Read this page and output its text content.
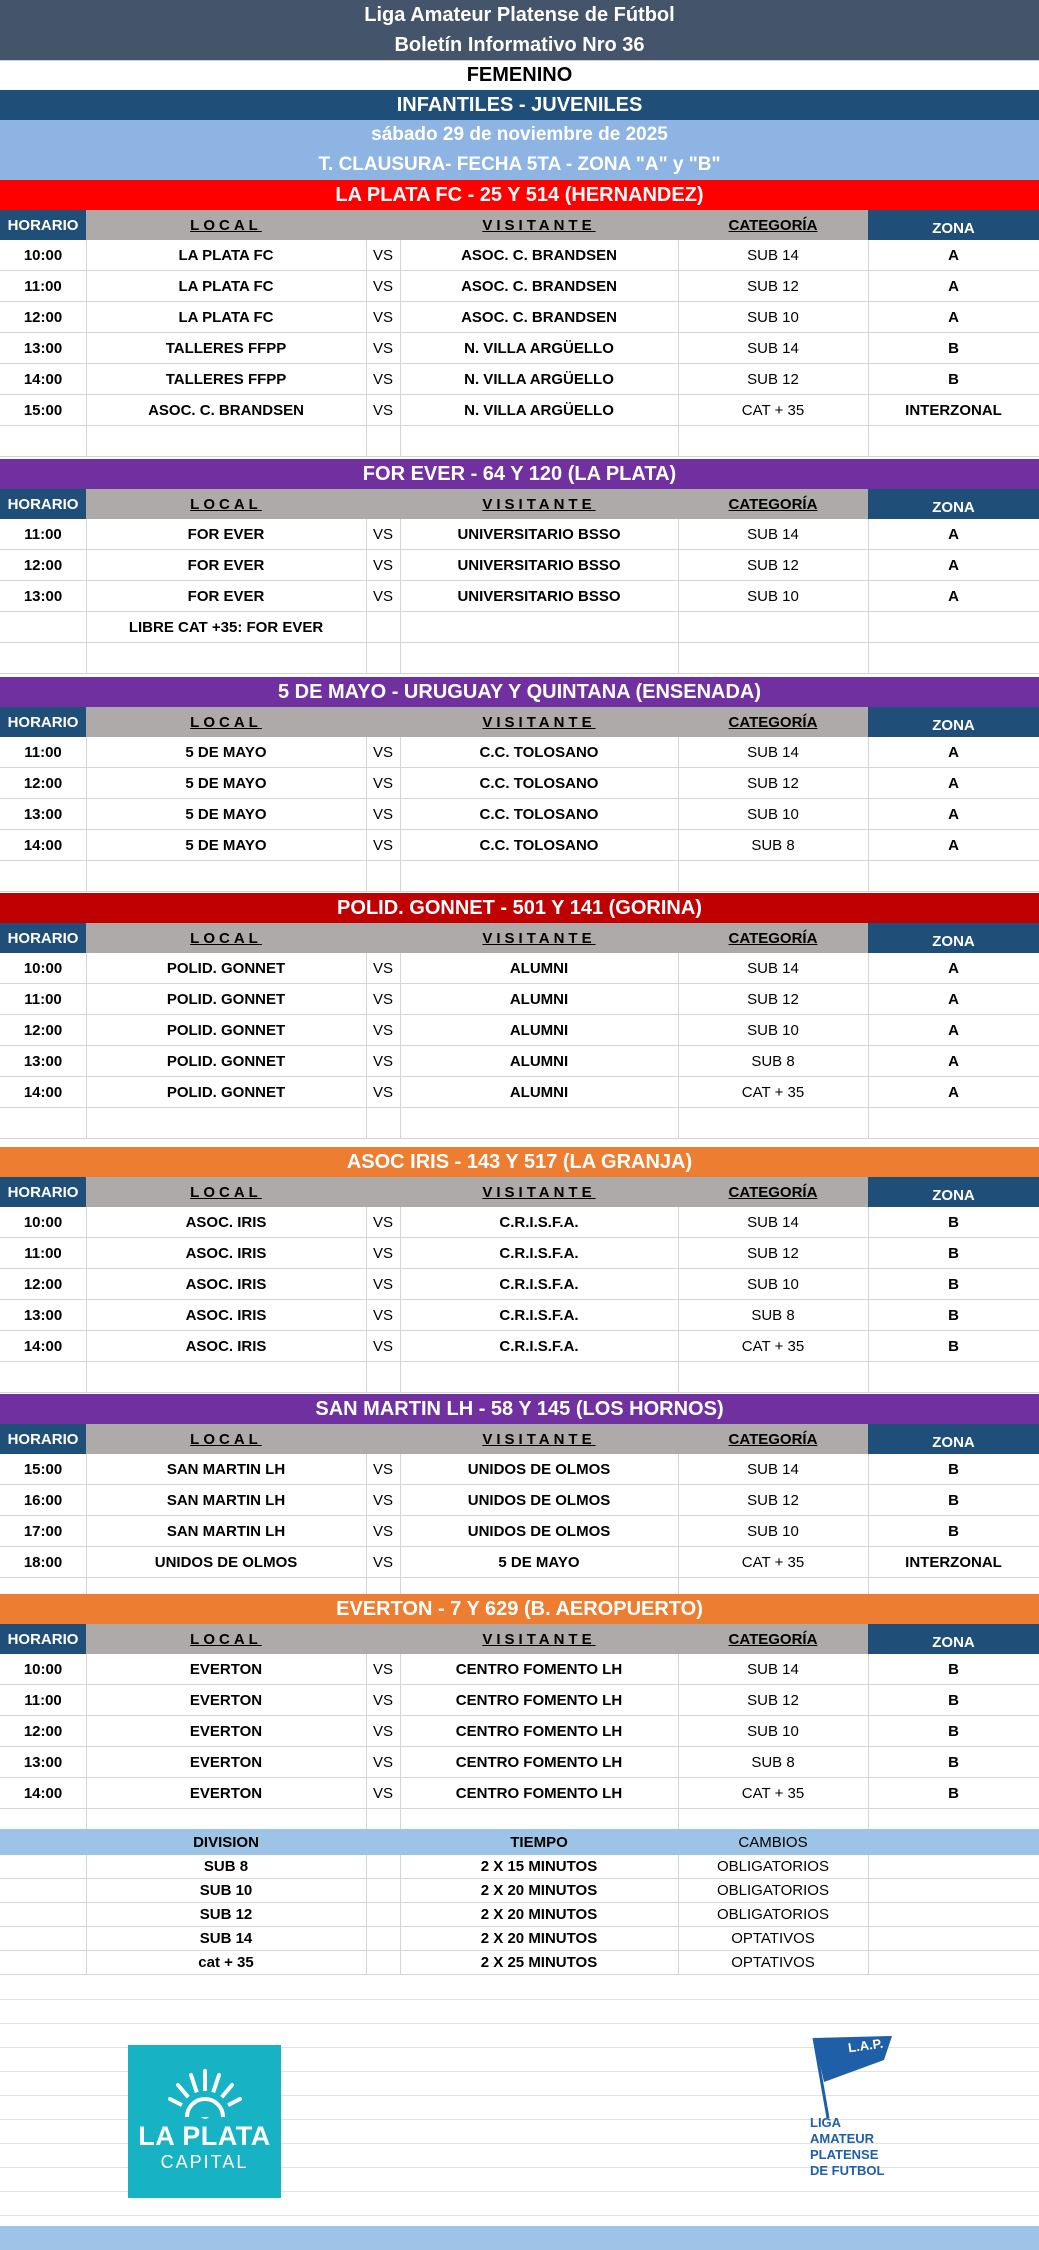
Liga Amateur Platense de Fútbol
Boletín Informativo Nro 36
FEMENINO
INFANTILES - JUVENILES
sábado 29 de noviembre de 2025
T. CLAUSURA- FECHA 5TA - ZONA "A" y "B"
LA PLATA FC - 25 Y 514 (HERNANDEZ)
HORARIO	LOCAL	VISITANTE	CATEGORÍA	ZONA
10:00	LA PLATA FC	VS	ASOC. C. BRANDSEN	SUB 14	A
11:00	LA PLATA FC	VS	ASOC. C. BRANDSEN	SUB 12	A
12:00	LA PLATA FC	VS	ASOC. C. BRANDSEN	SUB 10	A
13:00	TALLERES FFPP	VS	N. VILLA ARGÜELLO	SUB 14	B
14:00	TALLERES FFPP	VS	N. VILLA ARGÜELLO	SUB 12	B
15:00	ASOC. C. BRANDSEN	VS	N. VILLA ARGÜELLO	CAT + 35	INTERZONAL
FOR EVER - 64 Y 120 (LA PLATA)
HORARIO	LOCAL	VISITANTE	CATEGORÍA	ZONA
11:00	FOR EVER	VS	UNIVERSITARIO BSSO	SUB 14	A
12:00	FOR EVER	VS	UNIVERSITARIO BSSO	SUB 12	A
13:00	FOR EVER	VS	UNIVERSITARIO BSSO	SUB 10	A
LIBRE CAT +35: FOR EVER
5 DE MAYO - URUGUAY Y QUINTANA (ENSENADA)
HORARIO	LOCAL	VISITANTE	CATEGORÍA	ZONA
11:00	5 DE MAYO	VS	C.C. TOLOSANO	SUB 14	A
12:00	5 DE MAYO	VS	C.C. TOLOSANO	SUB 12	A
13:00	5 DE MAYO	VS	C.C. TOLOSANO	SUB 10	A
14:00	5 DE MAYO	VS	C.C. TOLOSANO	SUB 8	A
POLID. GONNET - 501 Y 141 (GORINA)
HORARIO	LOCAL	VISITANTE	CATEGORÍA	ZONA
10:00	POLID. GONNET	VS	ALUMNI	SUB 14	A
11:00	POLID. GONNET	VS	ALUMNI	SUB 12	A
12:00	POLID. GONNET	VS	ALUMNI	SUB 10	A
13:00	POLID. GONNET	VS	ALUMNI	SUB 8	A
14:00	POLID. GONNET	VS	ALUMNI	CAT + 35	A
ASOC IRIS - 143 Y 517 (LA GRANJA)
HORARIO	LOCAL	VISITANTE	CATEGORÍA	ZONA
10:00	ASOC. IRIS	VS	C.R.I.S.F.A.	SUB 14	B
11:00	ASOC. IRIS	VS	C.R.I.S.F.A.	SUB 12	B
12:00	ASOC. IRIS	VS	C.R.I.S.F.A.	SUB 10	B
13:00	ASOC. IRIS	VS	C.R.I.S.F.A.	SUB 8	B
14:00	ASOC. IRIS	VS	C.R.I.S.F.A.	CAT + 35	B
SAN MARTIN LH - 58 Y 145 (LOS HORNOS)
HORARIO	LOCAL	VISITANTE	CATEGORÍA	ZONA
15:00	SAN MARTIN LH	VS	UNIDOS DE OLMOS	SUB 14	B
16:00	SAN MARTIN LH	VS	UNIDOS DE OLMOS	SUB 12	B
17:00	SAN MARTIN LH	VS	UNIDOS DE OLMOS	SUB 10	B
18:00	UNIDOS DE OLMOS	VS	5 DE MAYO	CAT + 35	INTERZONAL
EVERTON - 7 Y 629 (B. AEROPUERTO)
HORARIO	LOCAL	VISITANTE	CATEGORÍA	ZONA
10:00	EVERTON	VS	CENTRO FOMENTO LH	SUB 14	B
11:00	EVERTON	VS	CENTRO FOMENTO LH	SUB 12	B
12:00	EVERTON	VS	CENTRO FOMENTO LH	SUB 10	B
13:00	EVERTON	VS	CENTRO FOMENTO LH	SUB 8	B
14:00	EVERTON	VS	CENTRO FOMENTO LH	CAT + 35	B
DIVISION	TIEMPO	CAMBIOS
SUB 8	2 X 15 MINUTOS	OBLIGATORIOS
SUB 10	2 X 20 MINUTOS	OBLIGATORIOS
SUB 12	2 X 20 MINUTOS	OBLIGATORIOS
SUB 14	2 X 20 MINUTOS	OPTATIVOS
cat + 35	2 X 25 MINUTOS	OPTATIVOS
LA PLATA
CAPITAL
L.A.P.
LIGA
AMATEUR
PLATENSE
DE FUTBOL
